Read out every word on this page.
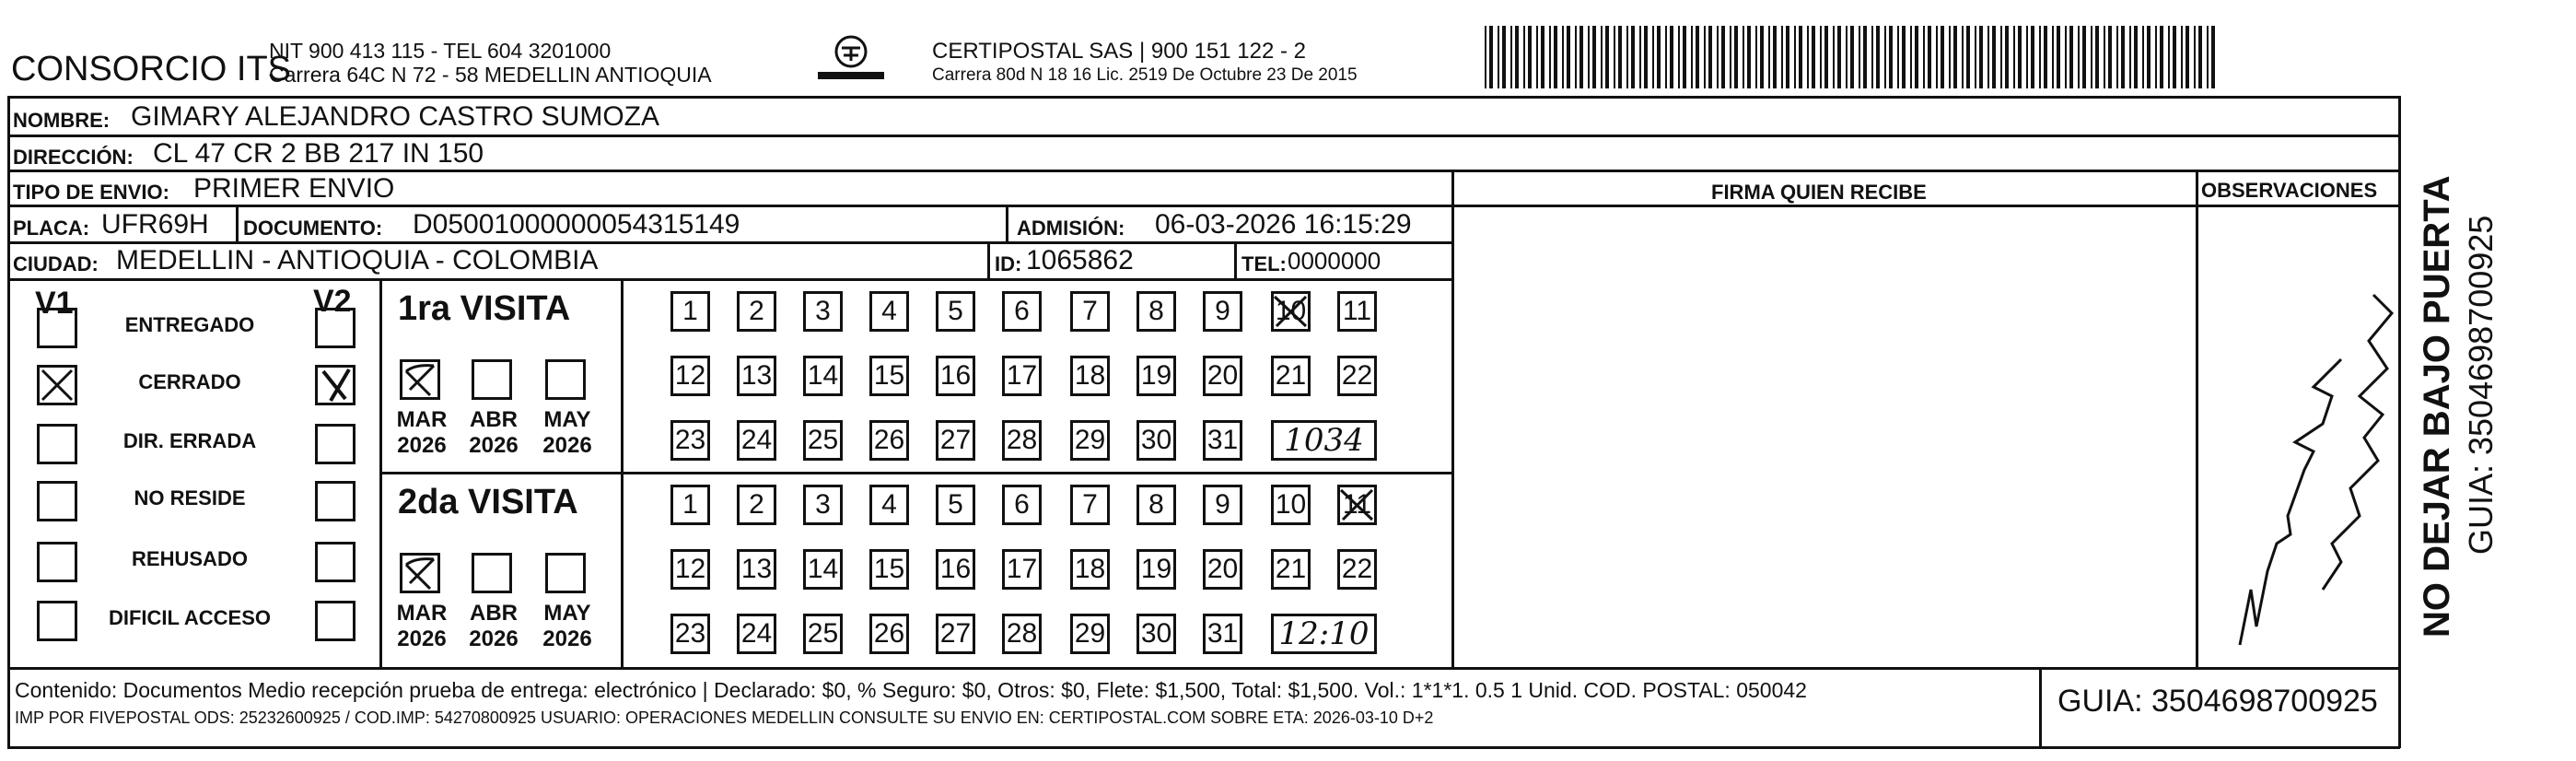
CONSORCIO ITS
NIT 900 413 115 - TEL 604 3201000
Carrera 64C N 72 - 58 MEDELLIN ANTIOQUIA
CERTIPOSTAL SAS | 900 151 122 - 2
Carrera 80d N 18 16 Lic. 2519 De Octubre 23 De 2015
NOMBRE: GIMARY ALEJANDRO CASTRO SUMOZA
DIRECCIÓN: CL 47 CR 2 BB 217 IN 150
TIPO DE ENVIO: PRIMER ENVIO	FIRMA QUIEN RECIBE	OBSERVACIONES
PLACA: UFR69H DOCUMENTO: D05001000000054315149	ADMISIÓN: 06-03-2026 16:15:29
CIUDAD: MEDELLIN - ANTIOQUIA - COLOMBIA	ID: 1065862	TEL: 0000000
V1	V2
ENTREGADO
CERRADO
DIR. ERRADA
NO RESIDE
REHUSADO
DIFICIL ACCESO
1ra VISITA
MAR
2026
ABR
2026
MAY
2026
1	2	3	4	5	6	7	8	9	10 11
12 13 14 15 16 17 18 19 20 21 22
23 24 25 26 27 28 29 30 31	1034
2da VISITA
MAR
2026
ABR
2026
MAY
2026
1	2	3	4	5	6	7	8	9	10 11
12 13 14 15 16 17 18 19 20 21 22
23 24 25 26 27 28 29 30 31 12:10
Contenido: Documentos Medio recepción prueba de entrega: electrónico | Declarado: $0, % Seguro: $0, Otros: $0, Flete: $1,500, Total: $1,500. Vol.: 1*1*1. 0.5 1 Unid. COD. POSTAL: 050042
IMP POR FIVEPOSTAL ODS: 25232600925 / COD.IMP: 54270800925 USUARIO: OPERACIONES MEDELLIN CONSULTE SU ENVIO EN: CERTIPOSTAL.COM SOBRE ETA: 2026-03-10 D+2	GUIA: 3504698700925
NO DEJAR BAJO PUERTA GUIA: 3504698700925
